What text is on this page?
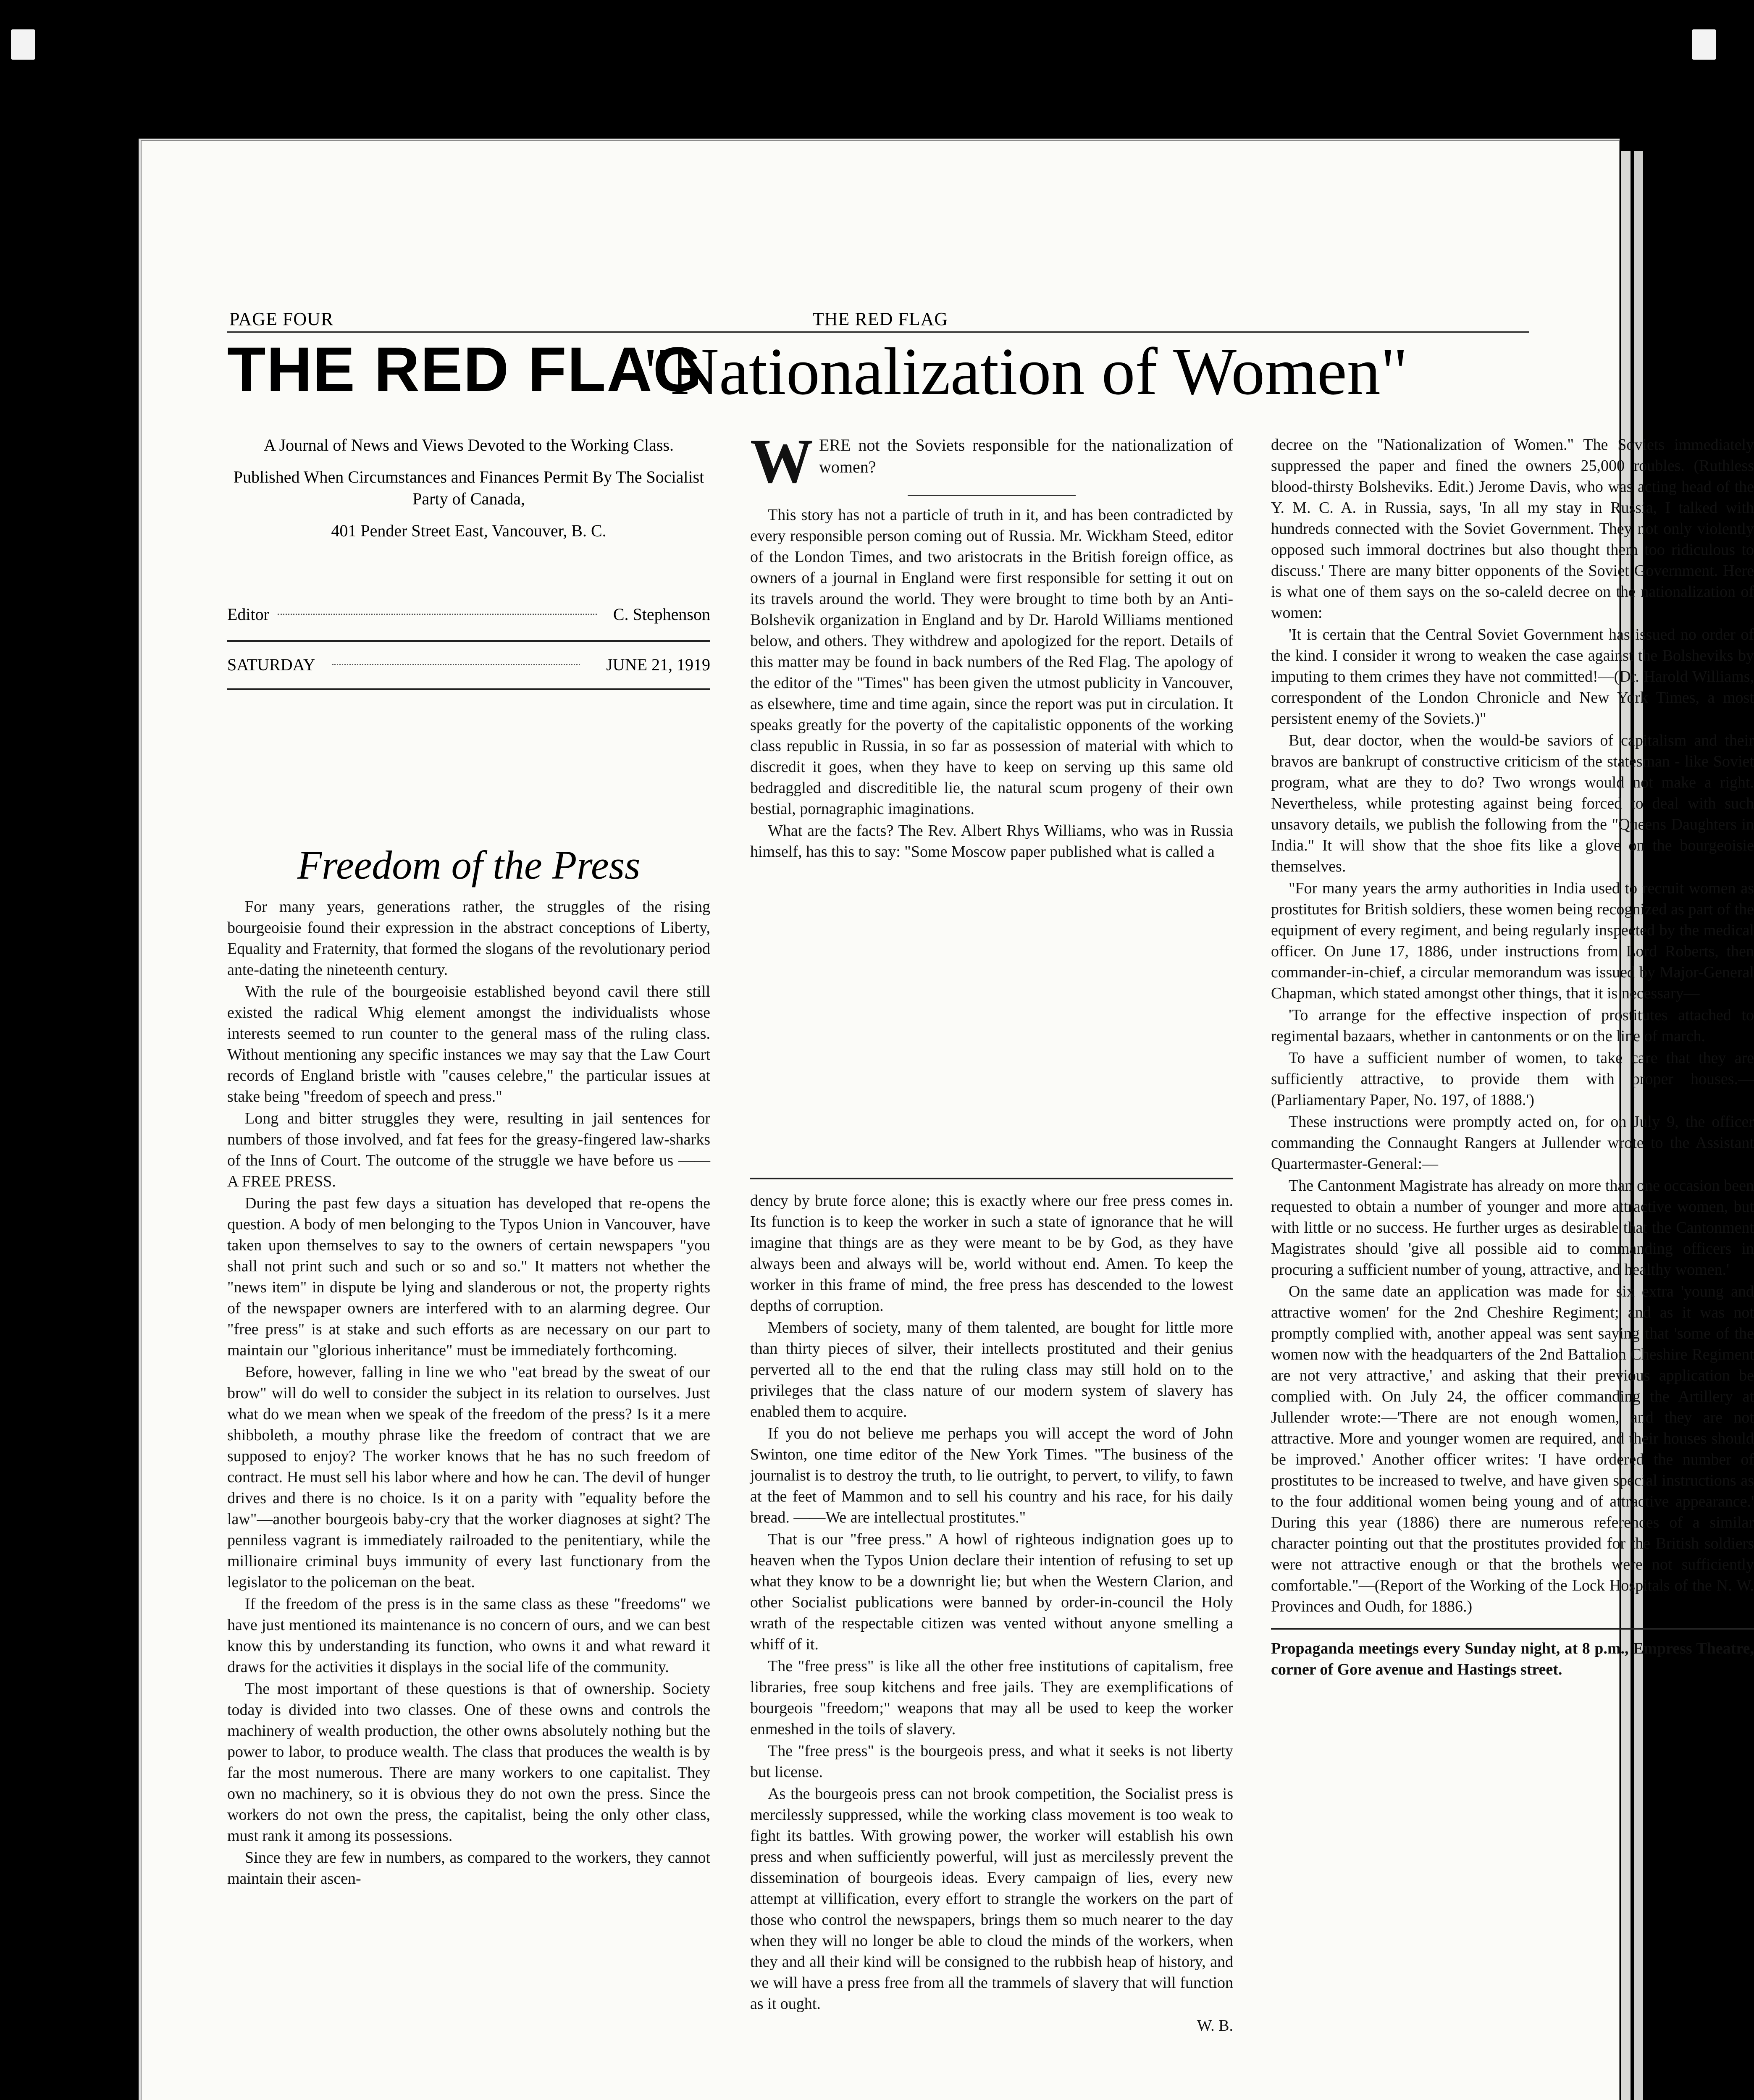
PAGE FOUR	THE RED FLAG
THE RED FLAG
"Nationalization of Women"
A Journal of News and Views Devoted to the Working Class.
Published When Circumstances and Finances Permit By The Socialist Party of Canada,
401 Pender Street East, Vancouver, B. C.
Editor	C. Stephenson
SATURDAY	JUNE 21, 1919
Freedom of the Press

For many years, generations rather, the struggles of the rising bourgeoisie found their expression in the abstract conceptions of Liberty, Equality and Fraternity, that formed the slogans of the revolutionary period ante-dating the nineteenth century.

With the rule of the bourgeoisie established beyond cavil there still existed the radical Whig element amongst the individualists whose interests seemed to run counter to the general mass of the ruling class. Without mentioning any specific instances we may say that the Law Court records of England bristle with "causes celebre," the particular issues at stake being "freedom of speech and press."

Long and bitter struggles they were, resulting in jail sentences for numbers of those involved, and fat fees for the greasy-fingered law-sharks of the Inns of Court. The outcome of the struggle we have before us —— A FREE PRESS.

During the past few days a situation has developed that re-opens the question. A body of men belonging to the Typos Union in Vancouver, have taken upon themselves to say to the owners of certain newspapers "you shall not print such and such or so and so." It matters not whether the "news item" in dispute be lying and slanderous or not, the property rights of the newspaper owners are interfered with to an alarming degree. Our "free press" is at stake and such efforts as are necessary on our part to maintain our "glorious inheritance" must be immediately forthcoming.

Before, however, falling in line we who "eat bread by the sweat of our brow" will do well to consider the subject in its relation to ourselves. Just what do we mean when we speak of the freedom of the press? Is it a mere shibboleth, a mouthy phrase like the freedom of contract that we are supposed to enjoy? The worker knows that he has no such freedom of contract. He must sell his labor where and how he can. The devil of hunger drives and there is no choice. Is it on a parity with "equality before the law"—another bourgeois baby-cry that the worker diagnoses at sight? The penniless vagrant is immediately railroaded to the penitentiary, while the millionaire criminal buys immunity of every last functionary from the legislator to the policeman on the beat.

If the freedom of the press is in the same class as these "freedoms" we have just mentioned its maintenance is no concern of ours, and we can best know this by understanding its function, who owns it and what reward it draws for the activities it displays in the social life of the community.

The most important of these questions is that of ownership. Society today is divided into two classes. One of these owns and controls the machinery of wealth production, the other owns absolutely nothing but the power to labor, to produce wealth. The class that produces the wealth is by far the most numerous. There are many workers to one capitalist. They own no machinery, so it is obvious they do not own the press. Since the workers do not own the press, the capitalist, being the only other class, must rank it among its possessions.

Since they are few in numbers, as compared to the workers, they cannot maintain their ascen-

W ERE not the Soviets responsible for the nationalization of women?

This story has not a particle of truth in it, and has been contradicted by every responsible person coming out of Russia. Mr. Wickham Steed, editor of the London Times, and two aristocrats in the British foreign office, as owners of a journal in England were first responsible for setting it out on its travels around the world. They were brought to time both by an Anti-Bolshevik organization in England and by Dr. Harold Williams mentioned below, and others. They withdrew and apologized for the report. Details of this matter may be found in back numbers of the Red Flag. The apology of the editor of the "Times" has been given the utmost publicity in Vancouver, as elsewhere, time and time again, since the report was put in circulation. It speaks greatly for the poverty of the capitalistic opponents of the working class republic in Russia, in so far as possession of material with which to discredit it goes, when they have to keep on serving up this same old bedraggled and discreditible lie, the natural scum progeny of their own bestial, pornagraphic imaginations.

What are the facts? The Rev. Albert Rhys Williams, who was in Russia himself, has this to say: "Some Moscow paper published what is called a

dency by brute force alone; this is exactly where our free press comes in. Its function is to keep the worker in such a state of ignorance that he will imagine that things are as they were meant to be by God, as they have always been and always will be, world without end. Amen. To keep the worker in this frame of mind, the free press has descended to the lowest depths of corruption.

Members of society, many of them talented, are bought for little more than thirty pieces of silver, their intellects prostituted and their genius perverted all to the end that the ruling class may still hold on to the privileges that the class nature of our modern system of slavery has enabled them to acquire.

If you do not believe me perhaps you will accept the word of John Swinton, one time editor of the New York Times. "The business of the journalist is to destroy the truth, to lie outright, to pervert, to vilify, to fawn at the feet of Mammon and to sell his country and his race, for his daily bread. ——We are intellectual prostitutes."

That is our "free press." A howl of righteous indignation goes up to heaven when the Typos Union declare their intention of refusing to set up what they know to be a downright lie; but when the Western Clarion, and other Socialist publications were banned by order-in-council the Holy wrath of the respectable citizen was vented without anyone smelling a whiff of it.

The "free press" is like all the other free institutions of capitalism, free libraries, free soup kitchens and free jails. They are exemplifications of bourgeois "freedom;" weapons that may all be used to keep the worker enmeshed in the toils of slavery.

The "free press" is the bourgeois press, and what it seeks is not liberty but license.

As the bourgeois press can not brook competition, the Socialist press is mercilessly suppressed, while the working class movement is too weak to fight its battles. With growing power, the worker will establish his own press and when sufficiently powerful, will just as mercilessly prevent the dissemination of bourgeois ideas. Every campaign of lies, every new attempt at villification, every effort to strangle the workers on the part of those who control the newspapers, brings them so much nearer to the day when they will no longer be able to cloud the minds of the workers, when they and all their kind will be consigned to the rubbish heap of history, and we will have a press free from all the trammels of slavery that will function as it ought.

W. B.

decree on the "Nationalization of Women." The Soviets immediately suppressed the paper and fined the owners 25,000 roubles. (Ruthless blood-thirsty Bolsheviks. Edit.) Jerome Davis, who was acting head of the Y. M. C. A. in Russia, says, 'In all my stay in Russia, I talked with hundreds connected with the Soviet Government. They not only violently opposed such immoral doctrines but also thought them too ridiculous to discuss.' There are many bitter opponents of the Soviet Government. Here is what one of them says on the so-caleld decree on the nationalization of women:

'It is certain that the Central Soviet Government has issued no order of the kind. I consider it wrong to weaken the case against the Bolsheviks by imputing to them crimes they have not committed!—(Dr. Harold Williams, correspondent of the London Chronicle and New York Times, a most persistent enemy of the Soviets.)"

But, dear doctor, when the would-be saviors of capitalism and their bravos are bankrupt of constructive criticism of the statesman - like Soviet program, what are they to do? Two wrongs would not make a right. Nevertheless, while protesting against being forced to deal with such unsavory details, we publish the following from the "Queens Daughters in India." It will show that the shoe fits like a glove on the bourgeoisie themselves.

"For many years the army authorities in India used to recruit women as prostitutes for British soldiers, these women being recognized as part of the equipment of every regiment, and being regularly inspected by the medical officer. On June 17, 1886, under instructions from Lord Roberts, then commander-in-chief, a circular memorandum was issued by Major-General Chapman, which stated amongst other things, that it is necessary—

'To arrange for the effective inspection of prostitutes attached to regimental bazaars, whether in cantonments or on the line of march.

To have a sufficient number of women, to take care that they are sufficiently attractive, to provide them with proper houses.—(Parliamentary Paper, No. 197, of 1888.')

These instructions were promptly acted on, for on July 9, the officer commanding the Connaught Rangers at Jullender wrote to the Assistant Quartermaster-General:—

The Cantonment Magistrate has already on more than one occasion been requested to obtain a number of younger and more attractive women, but with little or no success. He further urges as desirable that the Cantonment Magistrates should 'give all possible aid to commanding officers in procuring a sufficient number of young, attractive, and healthy women.'

On the same date an application was made for six extra 'young and attractive women' for the 2nd Cheshire Regiment; and as it was not promptly complied with, another appeal was sent saying that 'some of the women now with the headquarters of the 2nd Battalion Cheshire Regiment are not very attractive,' and asking that their previous application be complied with. On July 24, the officer commanding the Artillery at Jullender wrote:—'There are not enough women, and they are not attractive. More and younger women are required, and their houses should be improved.' Another officer writes: 'I have ordered the number of prostitutes to be increased to twelve, and have given special instructions as to the four additional women being young and of attractive appearance.' During this year (1886) there are numerous references of a similar character pointing out that the prostitutes provided for the British soldiers were not attractive enough or that the brothels were not sufficiently comfortable."—(Report of the Working of the Lock Hospitals of the N. W. Provinces and Oudh, for 1886.)

Propaganda meetings every Sunday night, at 8 p.m., Empress Theatre, corner of Gore avenue and Hastings street.
